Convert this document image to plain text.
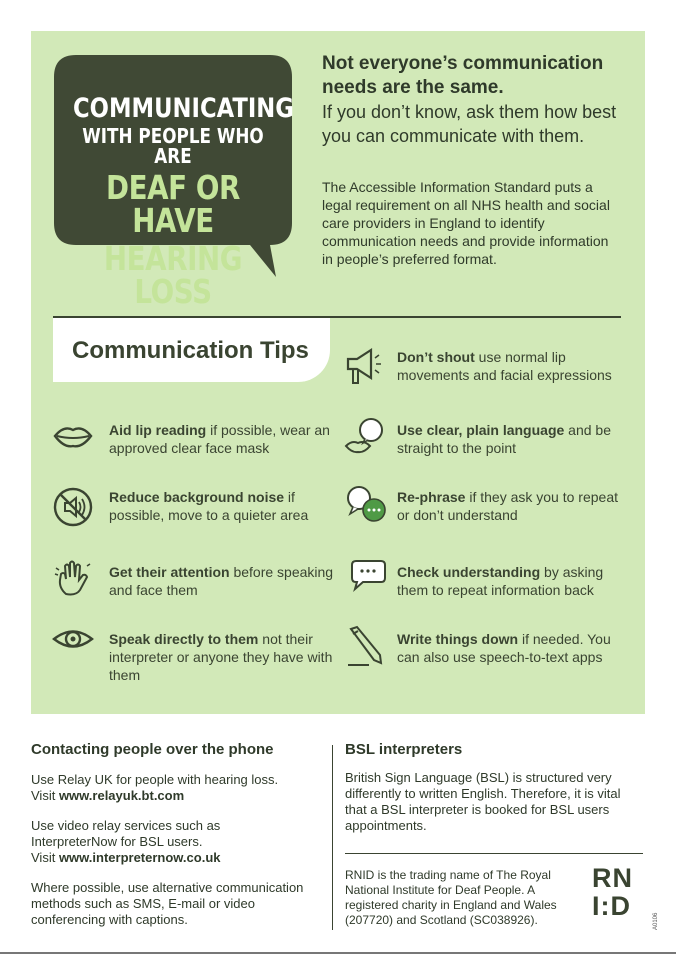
COMMUNICATING
WITH PEOPLE WHO ARE
DEAF OR HAVE
HEARING LOSS
Not everyone’s communication
needs are the same.
If you don’t know, ask them how best you can communicate with them.
The Accessible Information Standard puts a legal requirement on all NHS health and social care providers in England to identify communication needs and provide information in people’s preferred format.
Communication Tips
Aid lip reading if possible, wear an approved clear face mask
Reduce background noise if possible, move to a quieter area
Get their attention before speaking and face them
Speak directly to them not their interpreter or anyone they have with them
Don’t shout use normal lip movements and facial expressions
Use clear, plain language and be straight to the point
Re-phrase if they ask you to repeat or don’t understand
Check understanding by asking them to repeat information back
Write things down if needed. You can also use speech-to-text apps
Contacting people over the phone
Use Relay UK for people with hearing loss.
Visit www.relayuk.bt.com
Use video relay services such as InterpreterNow for BSL users.
Visit www.interpreternow.co.uk
Where possible, use alternative communication methods such as SMS, E-mail or video conferencing with captions.
BSL interpreters
British Sign Language (BSL) is structured very differently to written English. Therefore, it is vital that a BSL interpreter is booked for BSL users appointments.
RNID is the trading name of The Royal National Institute for Deaf People. A registered charity in England and Wales (207720) and Scotland (SC038926).
RN
I:D
A0106
